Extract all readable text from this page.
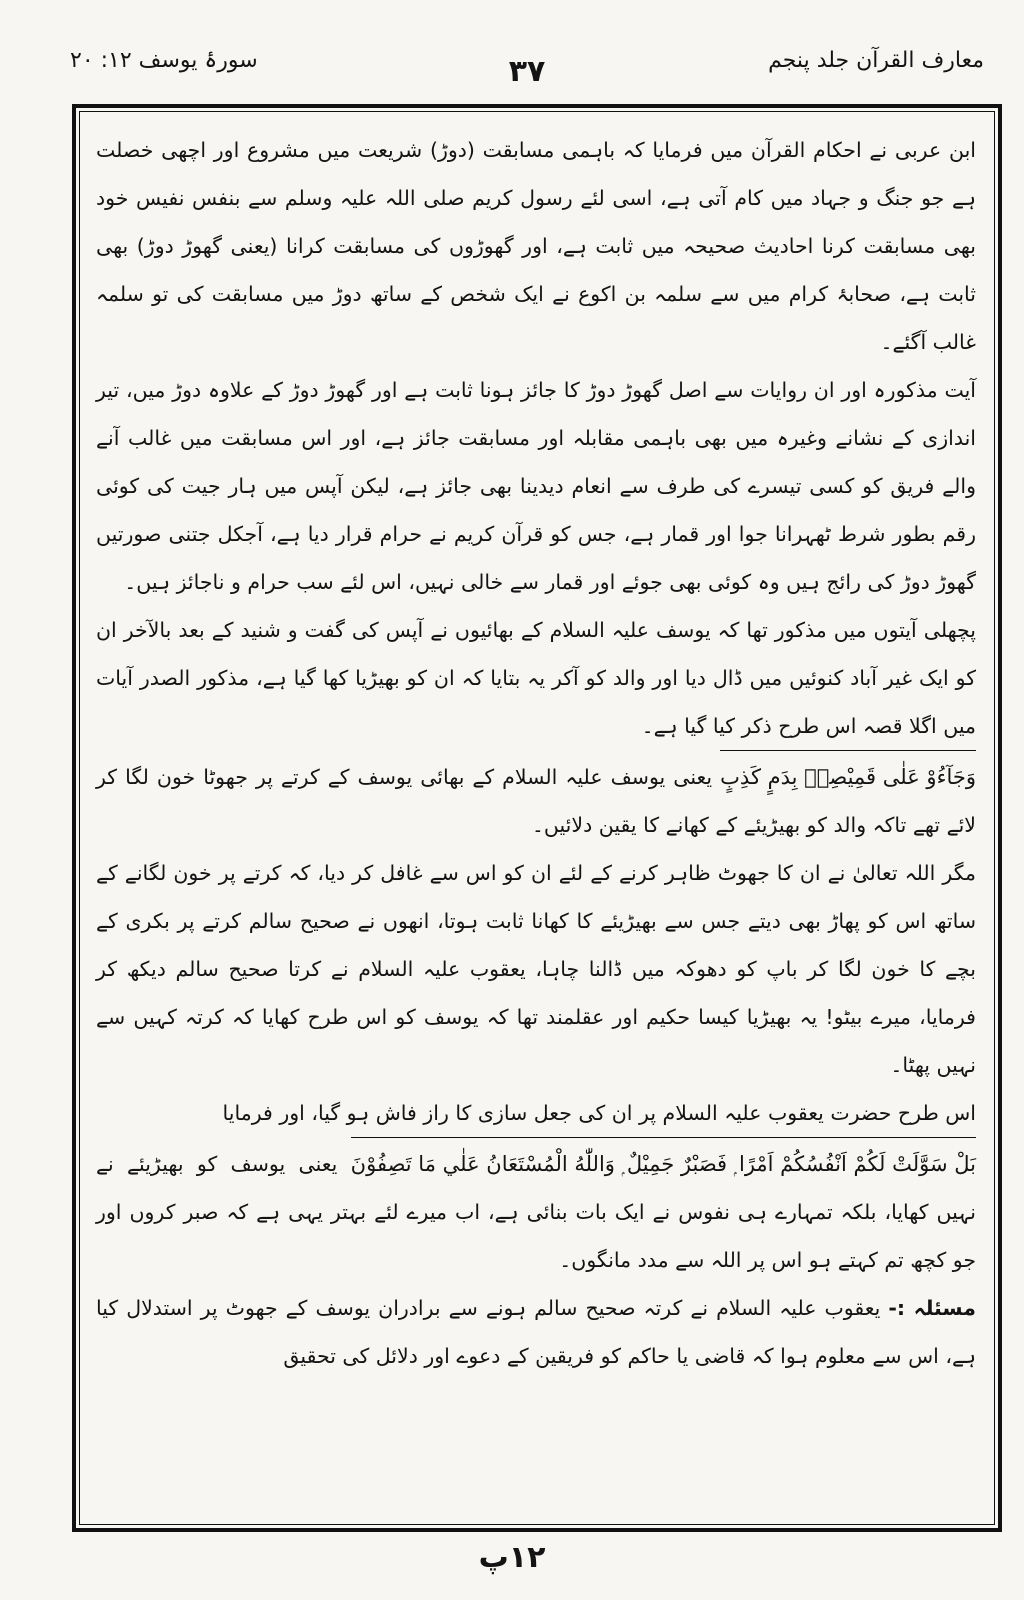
معارف القرآن جلد پنجم
۳۷
سورۂ یوسف ۱۲: ۲۰

ابن عربی نے احکام القرآن میں فرمایا کہ باہمی مسابقت (دوڑ) شریعت میں مشروع اور اچھی خصلت ہے جو جنگ و جہاد میں کام آتی ہے، اسی لئے رسول کریم صلی اللہ علیہ وسلم سے بنفس نفیس خود بھی مسابقت کرنا احادیث صحیحہ میں ثابت ہے، اور گھوڑوں کی مسابقت کرانا (یعنی گھوڑ دوڑ) بھی ثابت ہے، صحابۂ کرام میں سے سلمہ بن اکوع نے ایک شخص کے ساتھ دوڑ میں مسابقت کی تو سلمہ غالب آگئے۔

آیت مذکورہ اور ان روایات سے اصل گھوڑ دوڑ کا جائز ہونا ثابت ہے اور گھوڑ دوڑ کے علاوہ دوڑ میں، تیر اندازی کے نشانے وغیرہ میں بھی باہمی مقابلہ اور مسابقت جائز ہے، اور اس مسابقت میں غالب آنے والے فریق کو کسی تیسرے کی طرف سے انعام دیدینا بھی جائز ہے، لیکن آپس میں ہار جیت کی کوئی رقم بطور شرط ٹھہرانا جوا اور قمار ہے، جس کو قرآن کریم نے حرام قرار دیا ہے، آجکل جتنی صورتیں گھوڑ دوڑ کی رائج ہیں وہ کوئی بھی جوئے اور قمار سے خالی نہیں، اس لئے سب حرام و ناجائز ہیں۔

پچھلی آیتوں میں مذکور تھا کہ یوسف علیہ السلام کے بھائیوں نے آپس کی گفت و شنید کے بعد بالآخر ان کو ایک غیر آباد کنوئیں میں ڈال دیا اور والد کو آکر یہ بتایا کہ ان کو بھیڑیا کھا گیا ہے، مذکور الصدر آیات میں اگلا قصہ اس طرح ذکر کیا گیا ہے۔

وَجَآءُوْ عَلٰى قَمِيْصِهٖ بِدَمٍ كَذِبٍ یعنی یوسف علیہ السلام کے بھائی یوسف کے کرتے پر جھوٹا خون لگا کر لائے تھے تاکہ والد کو بھیڑیئے کے کھانے کا یقین دلائیں۔

مگر اللہ تعالیٰ نے ان کا جھوٹ ظاہر کرنے کے لئے ان کو اس سے غافل کر دیا، کہ کرتے پر خون لگانے کے ساتھ اس کو پھاڑ بھی دیتے جس سے بھیڑیئے کا کھانا ثابت ہوتا، انھوں نے صحیح سالم کرتے پر بکری کے بچے کا خون لگا کر باپ کو دھوکہ میں ڈالنا چاہا، یعقوب علیہ السلام نے کرتا صحیح سالم دیکھ کر فرمایا، میرے بیٹو! یہ بھیڑیا کیسا حکیم اور عقلمند تھا کہ یوسف کو اس طرح کھایا کہ کرتہ کہیں سے نہیں پھٹا۔

اس طرح حضرت یعقوب علیہ السلام پر ان کی جعل سازی کا راز فاش ہو گیا، اور فرمایا

بَلْ سَوَّلَتْ لَكُمْ اَنْفُسُكُمْ اَمْرًا ۭ فَصَبْرٌ جَمِيْلٌ ۭ وَاللّٰهُ الْمُسْتَعَانُ عَلٰي مَا تَصِفُوْنَ یعنی یوسف کو بھیڑیئے نے نہیں کھایا، بلکہ تمہارے ہی نفوس نے ایک بات بنائی ہے، اب میرے لئے بہتر یہی ہے کہ صبر کروں اور جو کچھ تم کہتے ہو اس پر اللہ سے مدد مانگوں۔

مسئلہ :- یعقوب علیہ السلام نے کرتہ صحیح سالم ہونے سے برادران یوسف کے جھوٹ پر استدلال کیا ہے، اس سے معلوم ہوا کہ قاضی یا حاکم کو فریقین کے دعوے اور دلائل کی تحقیق

۱۲پ
